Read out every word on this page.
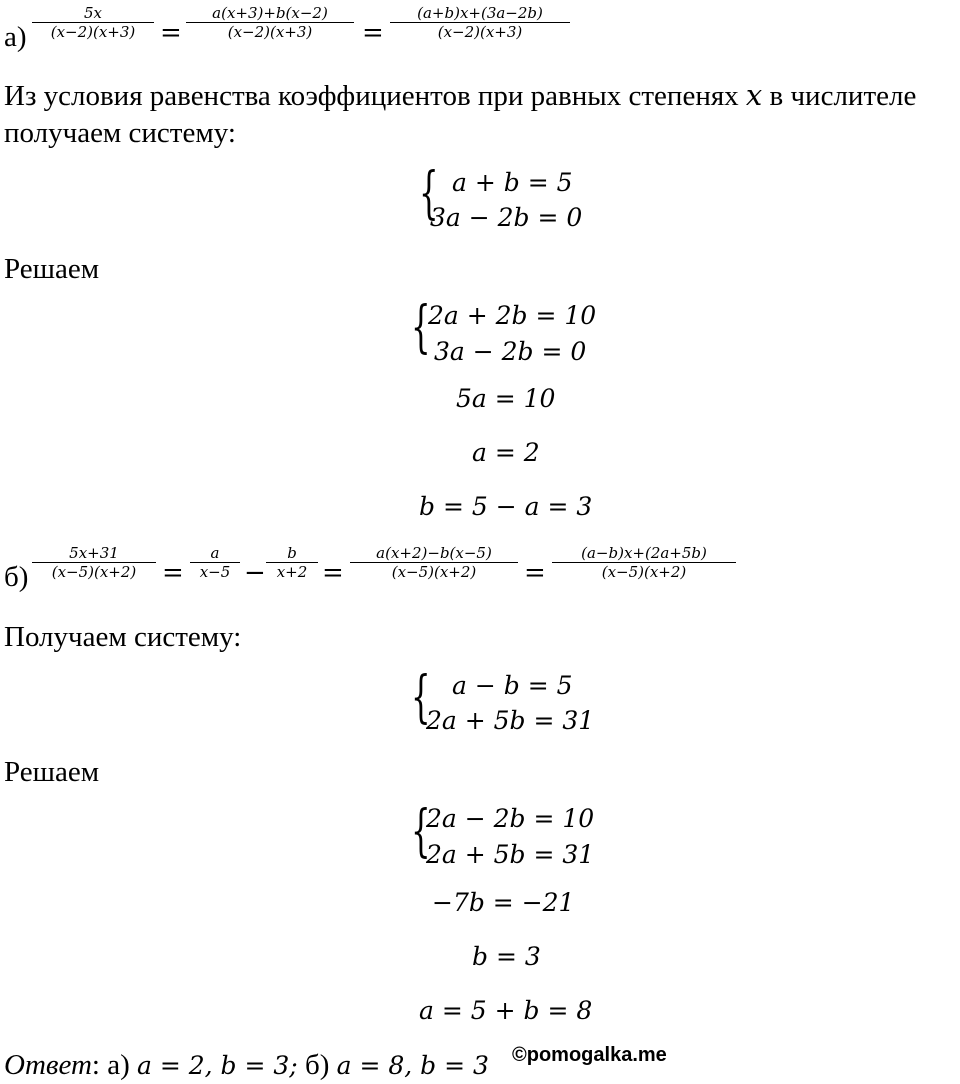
а)
5x
(x−2)(x+3) =
a(x+3)+b(x−2)
(x−2)(x+3) =
(a+b)x+(3a−2b)
(x−2)(x+3)
Из условия равенства коэффициентов при равных степенях x в числителе
получаем систему:
{ a + b = 5
3a − 2b = 0
Решаем
{
2a + 2b = 10
3a − 2b = 0
5a = 10
a = 2
b = 5 − a = 3
б)
5x+31
(x−5)(x+2) =
a
x−5 −
b
x+2 =
a(x+2)−b(x−5)
(x−5)(x+2) =
(a−b)x+(2a+5b)
(x−5)(x+2)
Получаем систему:
{ a − b = 5
2a + 5b = 31
Решаем
{
2a − 2b = 10
2a + 5b = 31
−7b = −21
b = 3
a = 5 + b = 8
Ответ: а) a = 2, b = 3; б) a = 8, b = 3 ©pomogalka.me
